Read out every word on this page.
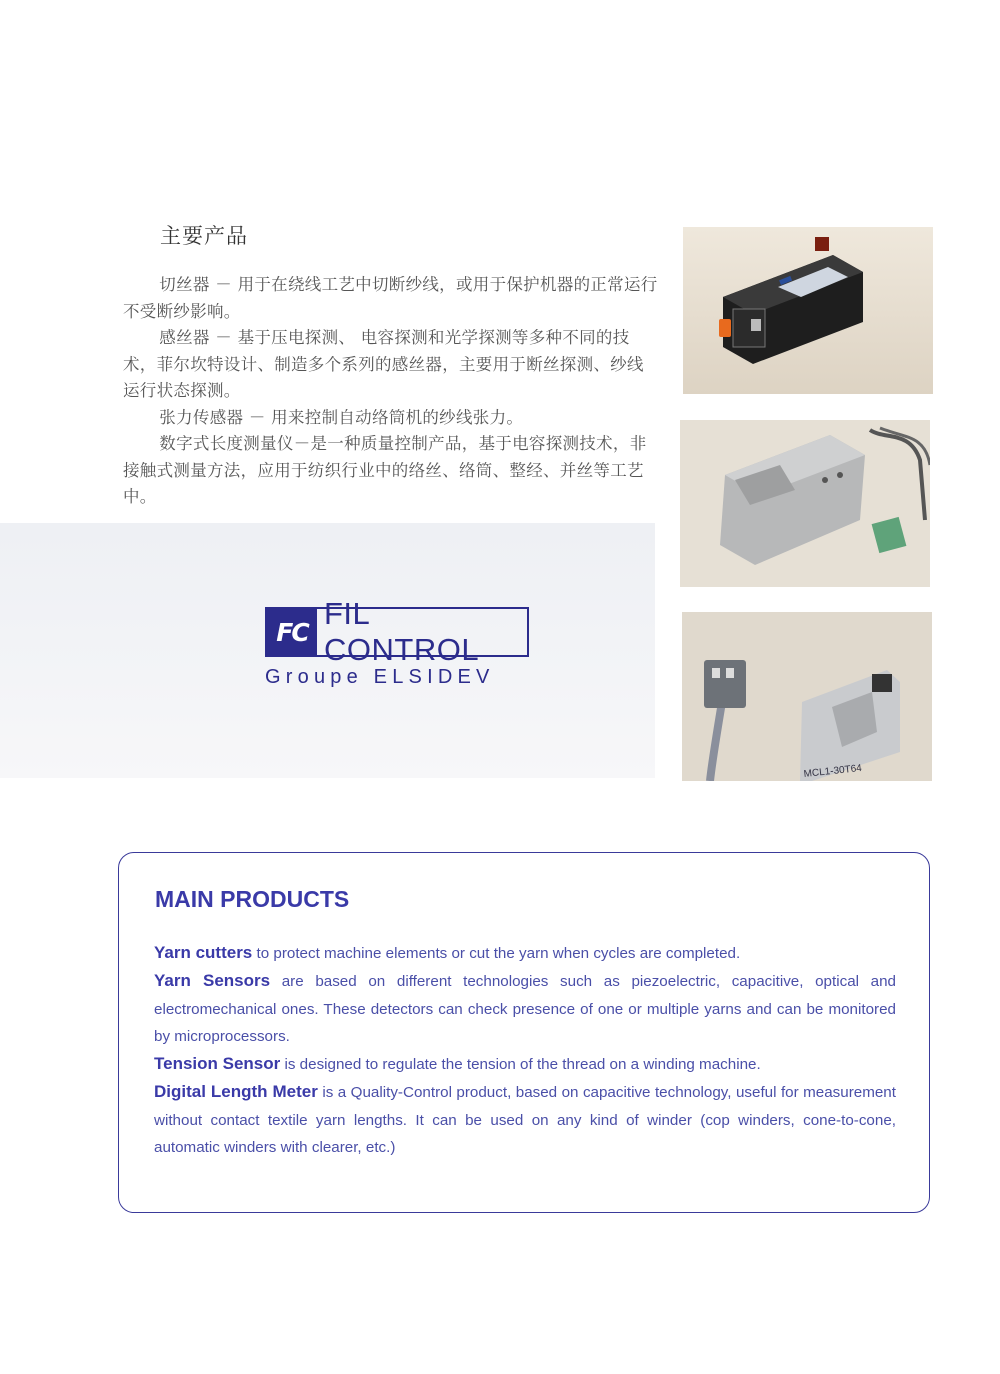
主要产品

切丝器 － 用于在绕线工艺中切断纱线，或用于保护机器的正常运行不受断纱影响。

感丝器 － 基于压电探测、 电容探测和光学探测等多种不同的技术，菲尔坎特设计、制造多个系列的感丝器，主要用于断丝探测、纱线运行状态探测。

张力传感器 － 用来控制自动络筒机的纱线张力。

数字式长度测量仪－是一种质量控制产品，基于电容探测技术，非接触式测量方法，应用于纺织行业中的络丝、络筒、整经、并丝等工艺中。

MCL1-30T64
FC
FIL CONTROL
Groupe ELSIDEV
MAIN PRODUCTS

Yarn cutters to protect machine elements or cut the yarn when cycles are completed.

Yarn Sensors are based on different technologies such as piezoelectric, capacitive, optical and electromechanical ones. These detectors can check presence of one or multiple yarns and can be monitored by microprocessors.

Tension Sensor is designed to regulate the tension of the thread on a winding machine.

Digital Length Meter is a Quality-Control product, based on capacitive technology, useful for measurement without contact textile yarn lengths. It can be used on any kind of winder (cop winders, cone-to-cone, automatic winders with clearer, etc.)
